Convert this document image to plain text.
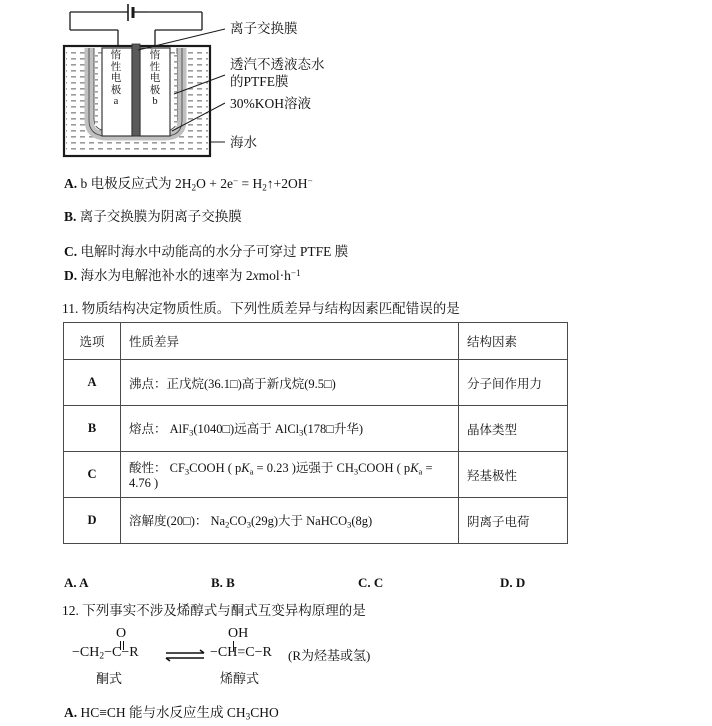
惰
性
电
极
a
惰
性
电
极
b
离子交换膜
透汽不透液态水
的PTFE膜
30%KOH溶液
海水
A. b 电极反应式为 $2H_2O + 2e^-$ = $H_2↑+2OH^-$
B. 离子交换膜为阴离子交换膜
C. 电解时海水中动能高的水分子可穿过 PTFE 膜
D. 海水为电解池补水的速率为 $2xmol\cdot h^{-1}$
11. 物质结构决定物质性质。下列性质差异与结构因素匹配错误的是
选项	性质差异	结构因素
A	沸点：正戊烷(36.1□)高于新戊烷(9.5□)	分子间作用力
B	熔点： AlF$_3$(1040□)远高于 AlCl$_3$(178□升华)	晶体类型
C	酸性： $CF_3COOH$ ( $pK_a = 0.23$ )远强于 $CH_3COOH$ ( $pK_a = 4.76$ )	羟基极性
D	溶解度(20□)： $Na_2CO_3(29g)$大于 NaHCO$_3$(8g)	阴离子电荷
A. A	B. B	C. C	D. D
12. 下列事实不涉及烯醇式与酮式互变异构原理的是
O	OH
$-CH_2-C-R$ ⇌ −CH=C−R (R为烃基或氢)
酮式	烯醇式
A. HC≡CH 能与水反应生成 $CH_3CHO$
